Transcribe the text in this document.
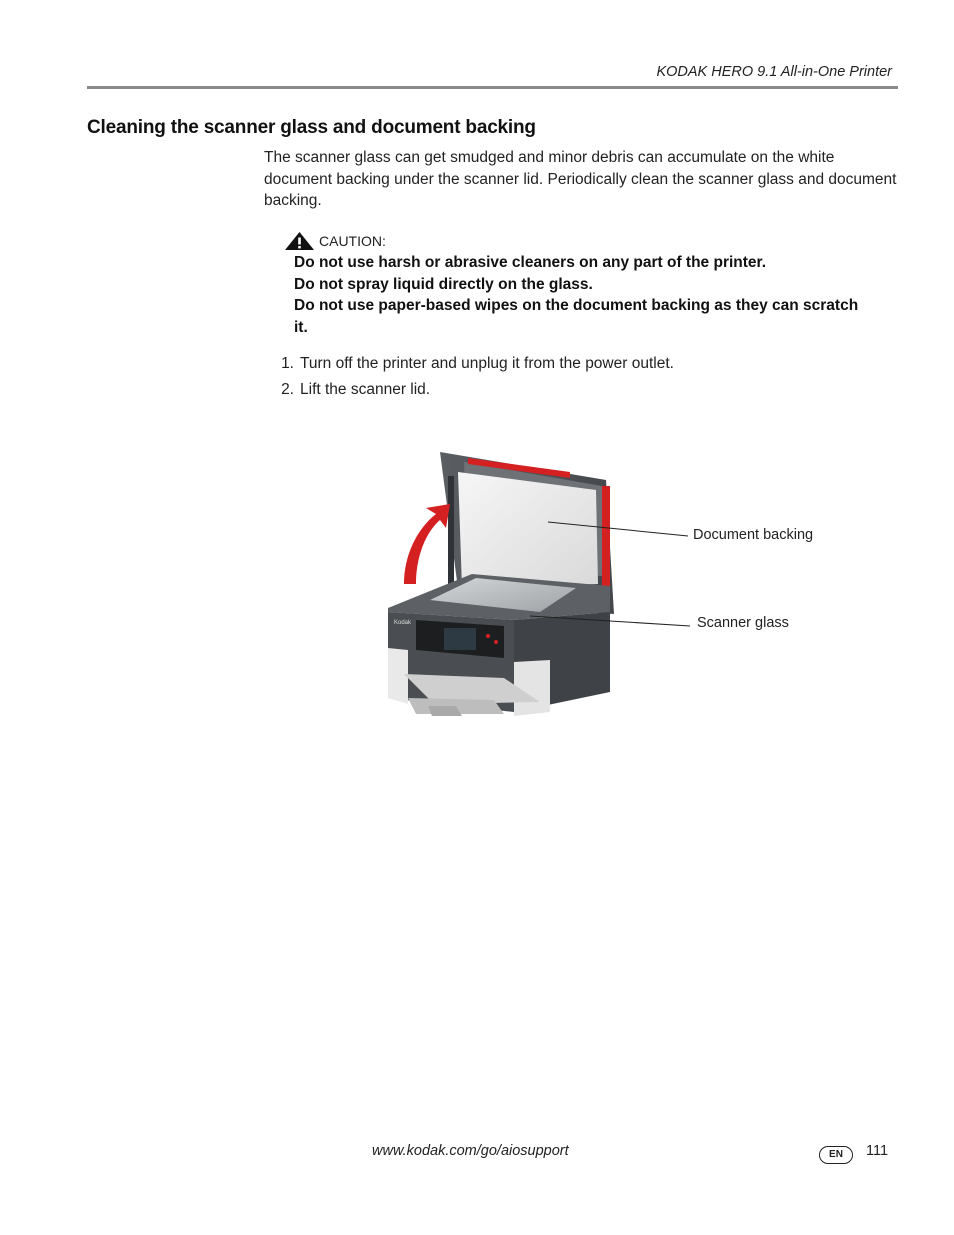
KODAK HERO 9.1 All-in-One Printer
Cleaning the scanner glass and document backing
The scanner glass can get smudged and minor debris can accumulate on the white document backing under the scanner lid. Periodically clean the scanner glass and document backing.
CAUTION:
Do not use harsh or abrasive cleaners on any part of the printer.
Do not spray liquid directly on the glass.
Do not use paper-based wipes on the document backing as they can scratch it.
1. Turn off the printer and unplug it from the power outlet.
2. Lift the scanner lid.
Kodak
Document backing
Scanner glass
www.kodak.com/go/aiosupport	EN	111
